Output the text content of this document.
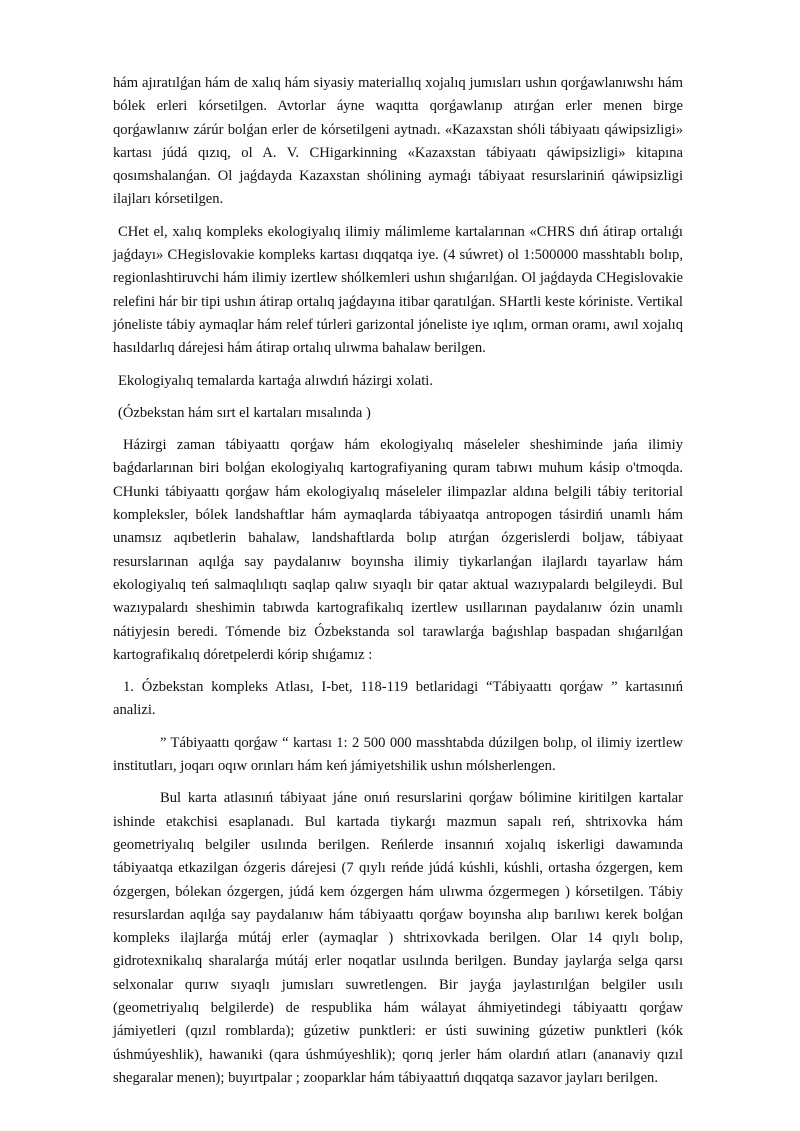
hám ajıratılǵan hám de xalıq hám siyasiy materiallıq xojalıq jumısları ushın qorǵawlanıwshı hám bólek erleri kórsetilgen. Avtorlar áyne waqıtta qorǵawlanıp atırǵan erler menen birge qorǵawlanıw zárúr bolǵan erler de kórsetilgeni aytnadı. «Kazaxstan shóli tábiyaatı qáwipsizligi» kartası júdá qızıq, ol A. V. CHigarkinning «Kazaxstan tábiyaatı qáwipsizligi» kitapına qosımshalanǵan. Ol jaǵdayda Kazaxstan shólining aymaǵı tábiyaat resurslariniń qáwipsizligi ilajları kórsetilgen.

CHet el, xalıq kompleks ekologiyalıq ilimiy málimleme kartalarınan «CHRS dıń átirap ortalıǵı jaǵdayı» CHegislovakie kompleks kartası dıqqatqa iye. (4 súwret) ol 1:500000 masshtablı bolıp, regionlashtiruvchi hám ilimiy izertlew shólkemleri ushın shıǵarılǵan. Ol jaǵdayda CHegislovakie relefini hár bir tipi ushın átirap ortalıq jaǵdayına itibar qaratılǵan. SHartli keste kóriniste. Vertikal jóneliste tábiy aymaqlar hám relef túrleri garizontal jóneliste iye ıqlım, orman oramı, awıl xojalıq hasıldarlıq dárejesi hám átirap ortalıq ulıwma bahalaw berilgen.

Ekologiyalıq temalarda kartaǵa alıwdıń házirgi xolati.

(Ózbekstan hám sırt el kartaları mısalında )

Házirgi zaman tábiyaattı qorǵaw hám ekologiyalıq máseleler sheshiminde jańa ilimiy baǵdarlarınan biri bolǵan ekologiyalıq kartografiyaning quram tabıwı muhum kásip o'tmoqda. CHunki tábiyaattı qorǵaw hám ekologiyalıq máseleler ilimpazlar aldına belgili tábiy teritorial kompleksler, bólek landshaftlar hám aymaqlarda tábiyaatqa antropogen tásirdiń unamlı hám unamsız aqıbetlerin bahalaw, landshaftlarda bolıp atırǵan ózgerislerdi boljaw, tábiyaat resurslarınan aqılǵa say paydalanıw boyınsha ilimiy tiykarlanǵan ilajlardı tayarlaw hám ekologiyalıq teń salmaqlılıqtı saqlap qalıw sıyaqlı bir qatar aktual wazıypalardı belgileydi. Bul wazıypalardı sheshimin tabıwda kartografikalıq izertlew usıllarınan paydalanıw ózin unamlı nátiyjesin beredi. Tómende biz Ózbekstanda sol tarawlarǵa baǵıshlap baspadan shıǵarılǵan kartografikalıq dóretpelerdi kórip shıǵamız :

1. Ózbekstan kompleks Atlası, I-bet, 118-119 betlaridagi “Tábiyaattı qorǵaw ” kartasınıń analizi.

” Tábiyaattı qorǵaw “ kartası 1: 2 500 000 masshtabda dúzilgen bolıp, ol ilimiy izertlew institutları, joqarı oqıw orınları hám keń jámiyetshilik ushın mólsherlengen.

Bul karta atlasınıń tábiyaat jáne onıń resurslarini qorǵaw bólimine kiritilgen kartalar ishinde etakchisi esaplanadı. Bul kartada tiykarǵı mazmun sapalı reń, shtrixovka hám geometriyalıq belgiler usılında berilgen. Reńlerde insannıń xojalıq iskerligi dawamında tábiyaatqa etkazilgan ózgeris dárejesi (7 qıylı reńde júdá kúshli, kúshli, ortasha ózgergen, kem ózgergen, bólekan ózgergen, júdá kem ózgergen hám ulıwma ózgermegen ) kórsetilgen. Tábiy resurslardan aqılǵa say paydalanıw hám tábiyaattı qorǵaw boyınsha alıp barılıwı kerek bolǵan kompleks ilajlarǵa mútáj erler (aymaqlar ) shtrixovkada berilgen. Olar 14 qıylı bolıp, gidrotexnikalıq sharalarǵa mútáj erler noqatlar usılında berilgen. Bunday jaylarǵa selga qarsı selxonalar qurıw sıyaqlı jumısları suwretlengen. Bir jayǵa jaylastırılǵan belgiler usılı (geometriyalıq belgilerde) de respublika hám wálayat áhmiyetindegi tábiyaattı qorǵaw jámiyetleri (qızıl romblarda); gúzetiw punktleri: er ústi suwining gúzetiw punktleri (kók úshmúyeshlik), hawanıki (qara úshmúyeshlik); qorıq jerler hám olardıń atları (ananaviy qızıl shegaralar menen); buyırtpalar ; zooparklar hám tábiyaattıń dıqqatqa sazavor jayları berilgen.
